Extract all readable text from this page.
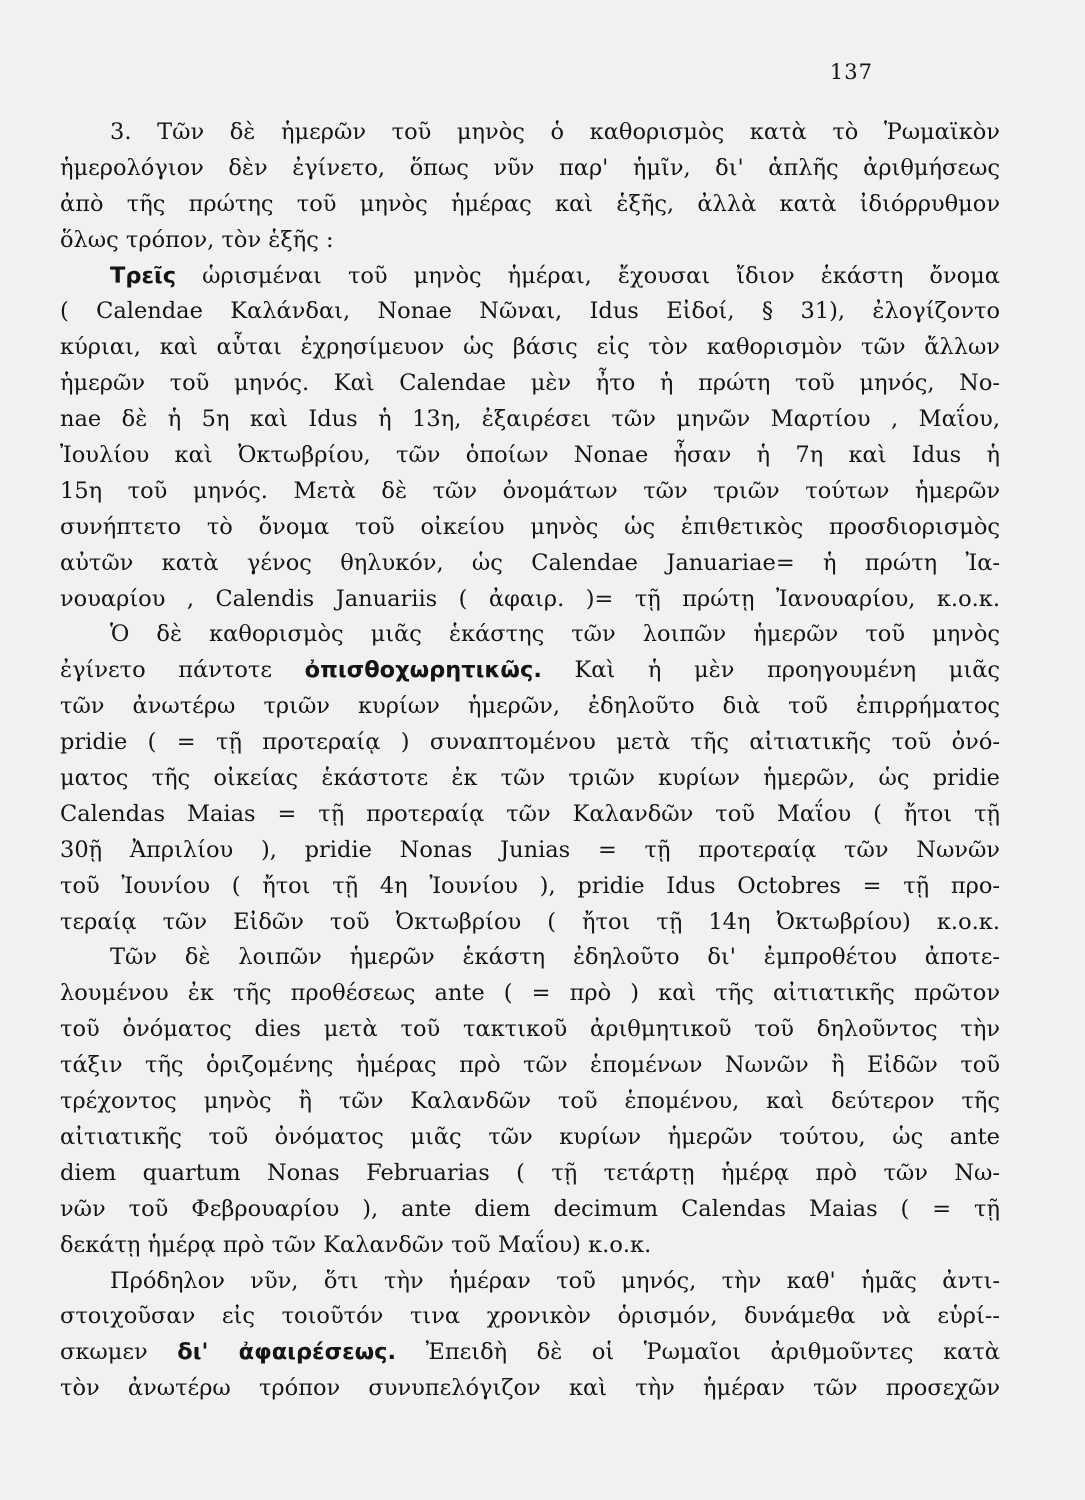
137
3. Τῶν δὲ ἡμερῶν τοῦ μηνὸς ὁ καθορισμὸς κατὰ τὸ Ῥωμαϊκὸν
ἡμερολόγιον δὲν ἐγίνετο, ὅπως νῦν παρ' ἡμῖν, δι' ἁπλῆς ἀριθμήσεως
ἀπὸ τῆς πρώτης τοῦ μηνὸς ἡμέρας καὶ ἑξῆς, ἀλλὰ κατὰ ἰδιόρρυθμον
ὅλως τρόπον, τὸν ἑξῆς :
Τρεῖς ὡρισμέναι τοῦ μηνὸς ἡμέραι, ἔχουσαι ἴδιον ἑκάστη ὄνομα
( Calendae Καλάνδαι, Nonae Νῶναι, Idus Εἰδοί, § 31), ἐλογίζοντο
κύριαι, καὶ αὗται ἐχρησίμευον ὡς βάσις εἰς τὸν καθορισμὸν τῶν ἄλλων
ἡμερῶν τοῦ μηνός. Καὶ Calendae μὲν ἦτο ἡ πρώτη τοῦ μηνός, No-
nae δὲ ἡ 5η καὶ Idus ἡ 13η, ἐξαιρέσει τῶν μηνῶν Μαρτίου , Μαΐου,
Ἰουλίου καὶ Ὀκτωβρίου, τῶν ὁποίων Nonae ἦσαν ἡ 7η καὶ Idus ἡ
15η τοῦ μηνός. Μετὰ δὲ τῶν ὀνομάτων τῶν τριῶν τούτων ἡμερῶν
συνήπτετο τὸ ὄνομα τοῦ οἰκείου μηνὸς ὡς ἐπιθετικὸς προσδιορισμὸς
αὐτῶν κατὰ γένος θηλυκόν, ὡς Calendae Januariae= ἡ πρώτη Ἰα-
νουαρίου , Calendis Januariis ( ἀφαιρ. )= τῇ πρώτῃ Ἰανουαρίου, κ.ο.κ.
Ὁ δὲ καθορισμὸς μιᾶς ἑκάστης τῶν λοιπῶν ἡμερῶν τοῦ μηνὸς
ἐγίνετο πάντοτε ὀπισθοχωρητικῶς. Καὶ ἡ μὲν προηγουμένη μιᾶς
τῶν ἀνωτέρω τριῶν κυρίων ἡμερῶν, ἐδηλοῦτο διὰ τοῦ ἐπιρρήματος
pridie ( = τῇ προτεραίᾳ ) συναπτομένου μετὰ τῆς αἰτιατικῆς τοῦ ὀνό-
ματος τῆς οἰκείας ἑκάστοτε ἐκ τῶν τριῶν κυρίων ἡμερῶν, ὡς pridie
Calendas Maias = τῇ προτεραίᾳ τῶν Καλανδῶν τοῦ Μαΐου ( ἤτοι τῇ
30ῇ Ἀπριλίου ), pridie Nonas Junias = τῇ προτεραίᾳ τῶν Νωνῶν
τοῦ Ἰουνίου ( ἤτοι τῇ 4η Ἰουνίου ), pridie Idus Octobres = τῇ προ-
τεραίᾳ τῶν Εἰδῶν τοῦ Ὀκτωβρίου ( ἤτοι τῇ 14η Ὀκτωβρίου) κ.ο.κ.
Τῶν δὲ λοιπῶν ἡμερῶν ἑκάστη ἐδηλοῦτο δι' ἐμπροθέτου ἀποτε-
λουμένου ἐκ τῆς προθέσεως ante ( = πρὸ ) καὶ τῆς αἰτιατικῆς πρῶτον
τοῦ ὀνόματος dies μετὰ τοῦ τακτικοῦ ἀριθμητικοῦ τοῦ δηλοῦντος τὴν
τάξιν τῆς ὁριζομένης ἡμέρας πρὸ τῶν ἑπομένων Νωνῶν ἢ Εἰδῶν τοῦ
τρέχοντος μηνὸς ἢ τῶν Καλανδῶν τοῦ ἑπομένου, καὶ δεύτερον τῆς
αἰτιατικῆς τοῦ ὀνόματος μιᾶς τῶν κυρίων ἡμερῶν τούτου, ὡς ante
diem quartum Nonas Februarias ( τῇ τετάρτῃ ἡμέρᾳ πρὸ τῶν Νω-
νῶν τοῦ Φεβρουαρίου ), ante diem decimum Calendas Maias ( = τῇ
δεκάτῃ ἡμέρᾳ πρὸ τῶν Καλανδῶν τοῦ Μαΐου) κ.ο.κ.
Πρόδηλον νῦν, ὅτι τὴν ἡμέραν τοῦ μηνός, τὴν καθ' ἡμᾶς ἀντι-
στοιχοῦσαν εἰς τοιοῦτόν τινα χρονικὸν ὁρισμόν, δυνάμεθα νὰ εὑρί--
σκωμεν δι' ἀφαιρέσεως. Ἐπειδὴ δὲ οἱ Ῥωμαῖοι ἀριθμοῦντες κατὰ
τὸν ἀνωτέρω τρόπον συνυπελόγιζον καὶ τὴν ἡμέραν τῶν προσεχῶν
